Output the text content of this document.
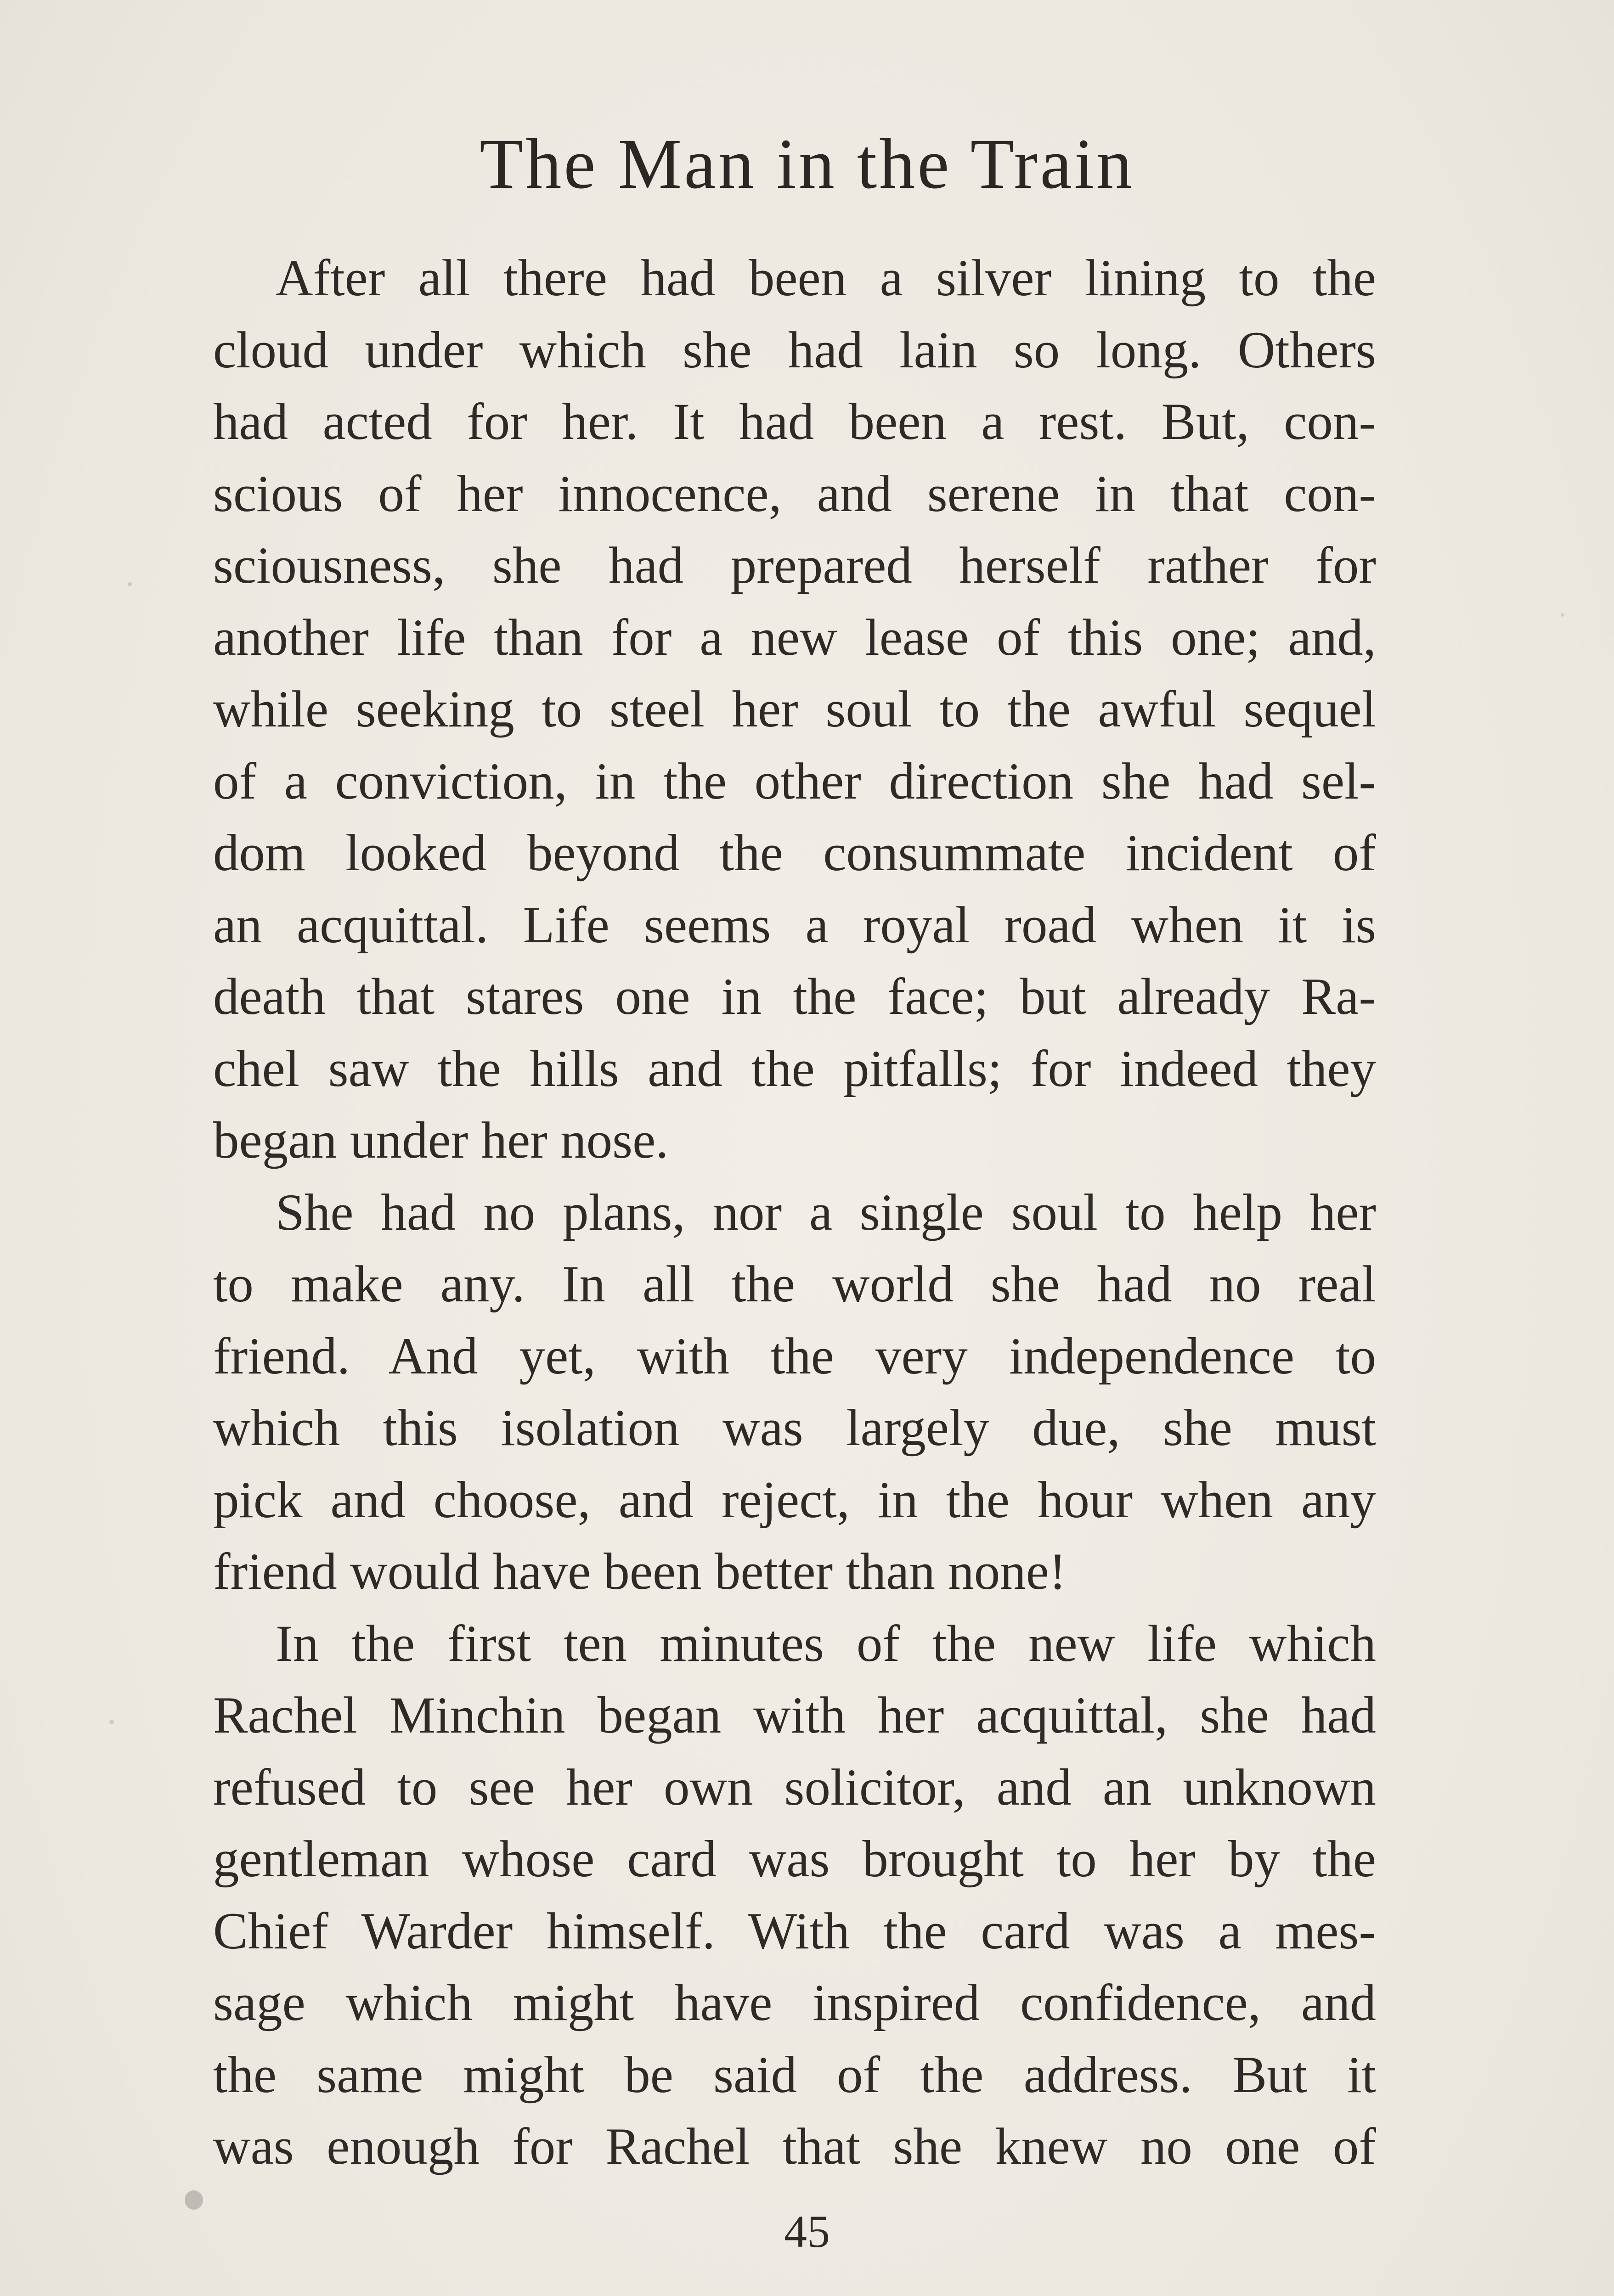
The Man in the Train
After all there had been a silver lining to the
cloud under which she had lain so long. Others
had acted for her. It had been a rest. But, con-
scious of her innocence, and serene in that con-
sciousness, she had prepared herself rather for
another life than for a new lease of this one; and,
while seeking to steel her soul to the awful sequel
of a conviction, in the other direction she had sel-
dom looked beyond the consummate incident of
an acquittal. Life seems a royal road when it is
death that stares one in the face; but already Ra-
chel saw the hills and the pitfalls; for indeed they
began under her nose.
She had no plans, nor a single soul to help her
to make any. In all the world she had no real
friend. And yet, with the very independence to
which this isolation was largely due, she must
pick and choose, and reject, in the hour when any
friend would have been better than none!
In the first ten minutes of the new life which
Rachel Minchin began with her acquittal, she had
refused to see her own solicitor, and an unknown
gentleman whose card was brought to her by the
Chief Warder himself. With the card was a mes-
sage which might have inspired confidence, and
the same might be said of the address. But it
was enough for Rachel that she knew no one of
45
